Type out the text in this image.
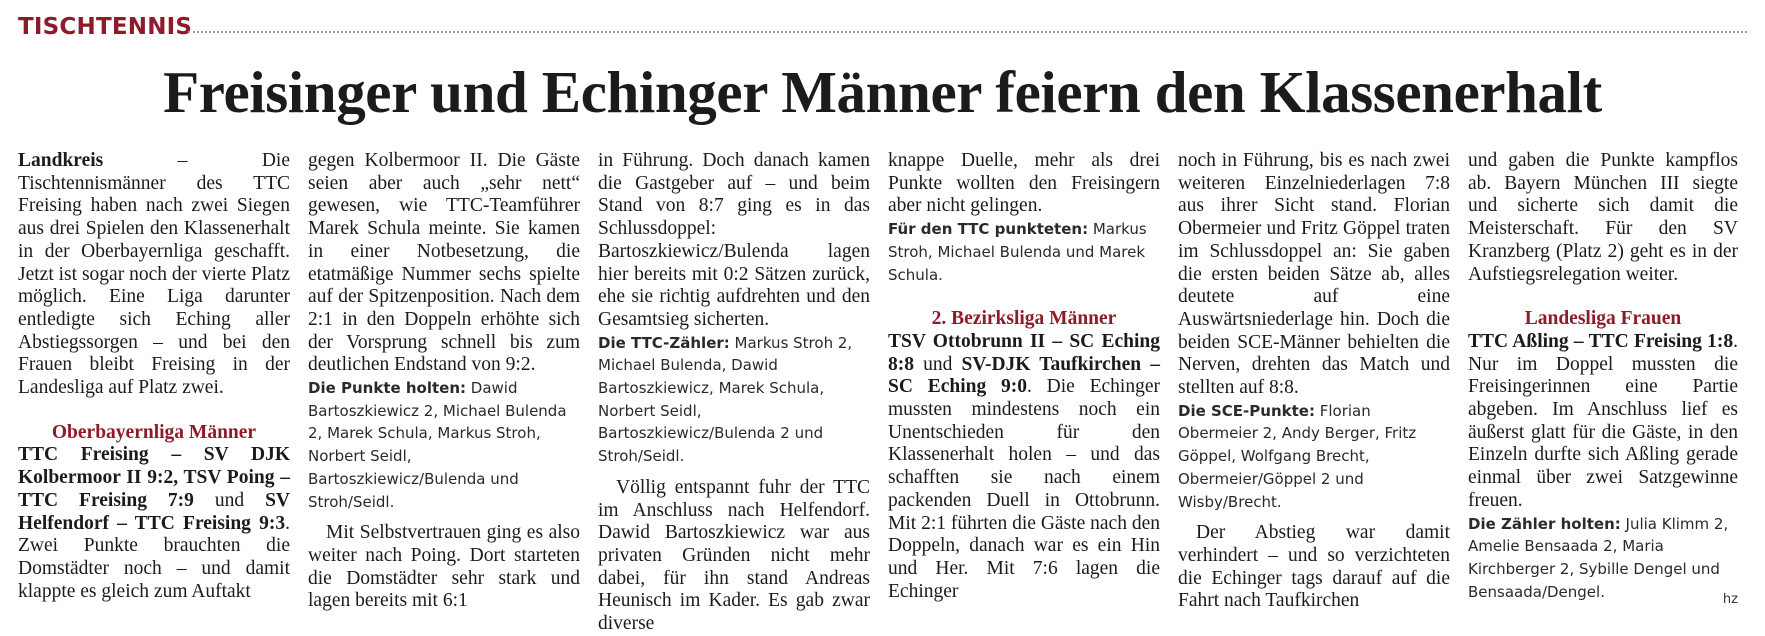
TISCHTENNIS
Freisinger und Echinger Männer feiern den Klassenerhalt

Landkreis – Die Tischtennismänner des TTC Freising haben nach zwei Siegen aus drei Spielen den Klassenerhalt in der Oberbayernliga geschafft. Jetzt ist sogar noch der vierte Platz möglich. Eine Liga darunter entledigte sich Eching aller Abstiegssorgen – und bei den Frauen bleibt Freising in der Landesliga auf Platz zwei.

Oberbayernliga Männer

TTC Freising – SV DJK Kolbermoor II 9:2, TSV Poing – TTC Freising 7:9 und SV Helfendorf – TTC Freising 9:3. Zwei Punkte brauchten die Domstädter noch – und damit klappte es gleich zum Auftakt

gegen Kolbermoor II. Die Gäste seien aber auch „sehr nett“ gewesen, wie TTC-Teamführer Marek Schula meinte. Sie kamen in einer Notbesetzung, die etatmäßige Nummer sechs spielte auf der Spitzenposition. Nach dem 2:1 in den Doppeln erhöhte sich der Vorsprung schnell bis zum deutlichen Endstand von 9:2.

Die Punkte holten: Dawid Bartoszkiewicz 2, Michael Bulenda 2, Marek Schula, Markus Stroh, Norbert Seidl, Bartoszkiewicz/Bulenda und Stroh/Seidl.

Mit Selbstvertrauen ging es also weiter nach Poing. Dort starteten die Domstädter sehr stark und lagen bereits mit 6:1

in Führung. Doch danach kamen die Gastgeber auf – und beim Stand von 8:7 ging es in das Schlussdoppel: Bartoszkiewicz/Bulenda lagen hier bereits mit 0:2 Sätzen zurück, ehe sie richtig aufdrehten und den Gesamtsieg sicherten.

Die TTC-Zähler: Markus Stroh 2, Michael Bulenda, Dawid Bartoszkiewicz, Marek Schula, Norbert Seidl, Bartoszkiewicz/Bulenda 2 und Stroh/Seidl.

Völlig entspannt fuhr der TTC im Anschluss nach Helfendorf. Dawid Bartoszkiewicz war aus privaten Gründen nicht mehr dabei, für ihn stand Andreas Heunisch im Kader. Es gab zwar diverse

knappe Duelle, mehr als drei Punkte wollten den Freisingern aber nicht gelingen.

Für den TTC punkteten: Markus Stroh, Michael Bulenda und Marek Schula.

2. Bezirksliga Männer

TSV Ottobrunn II – SC Eching 8:8 und SV-DJK Taufkirchen – SC Eching 9:0. Die Echinger mussten mindestens noch ein Unentschieden für den Klassenerhalt holen – und das schafften sie nach einem packenden Duell in Ottobrunn. Mit 2:1 führten die Gäste nach den Doppeln, danach war es ein Hin und Her. Mit 7:6 lagen die Echinger

noch in Führung, bis es nach zwei weiteren Einzelniederlagen 7:8 aus ihrer Sicht stand. Florian Obermeier und Fritz Göppel traten im Schlussdoppel an: Sie gaben die ersten beiden Sätze ab, alles deutete auf eine Auswärtsniederlage hin. Doch die beiden SCE-Männer behielten die Nerven, drehten das Match und stellten auf 8:8.

Die SCE-Punkte: Florian Obermeier 2, Andy Berger, Fritz Göppel, Wolfgang Brecht, Obermeier/Göppel 2 und Wisby/Brecht.

Der Abstieg war damit verhindert – und so verzichteten die Echinger tags darauf auf die Fahrt nach Taufkirchen

und gaben die Punkte kampflos ab. Bayern München III siegte und sicherte sich damit die Meisterschaft. Für den SV Kranzberg (Platz 2) geht es in der Aufstiegsrelegation weiter.

Landesliga Frauen

TTC Aßling – TTC Freising 1:8. Nur im Doppel mussten die Freisingerinnen eine Partie abgeben. Im Anschluss lief es äußerst glatt für die Gäste, in den Einzeln durfte sich Aßling gerade einmal über zwei Satzgewinne freuen.

Die Zähler holten: Julia Klimm 2, Amelie Bensaada 2, Maria Kirchberger 2, Sybille Dengel und Bensaada/Dengel.	hz
